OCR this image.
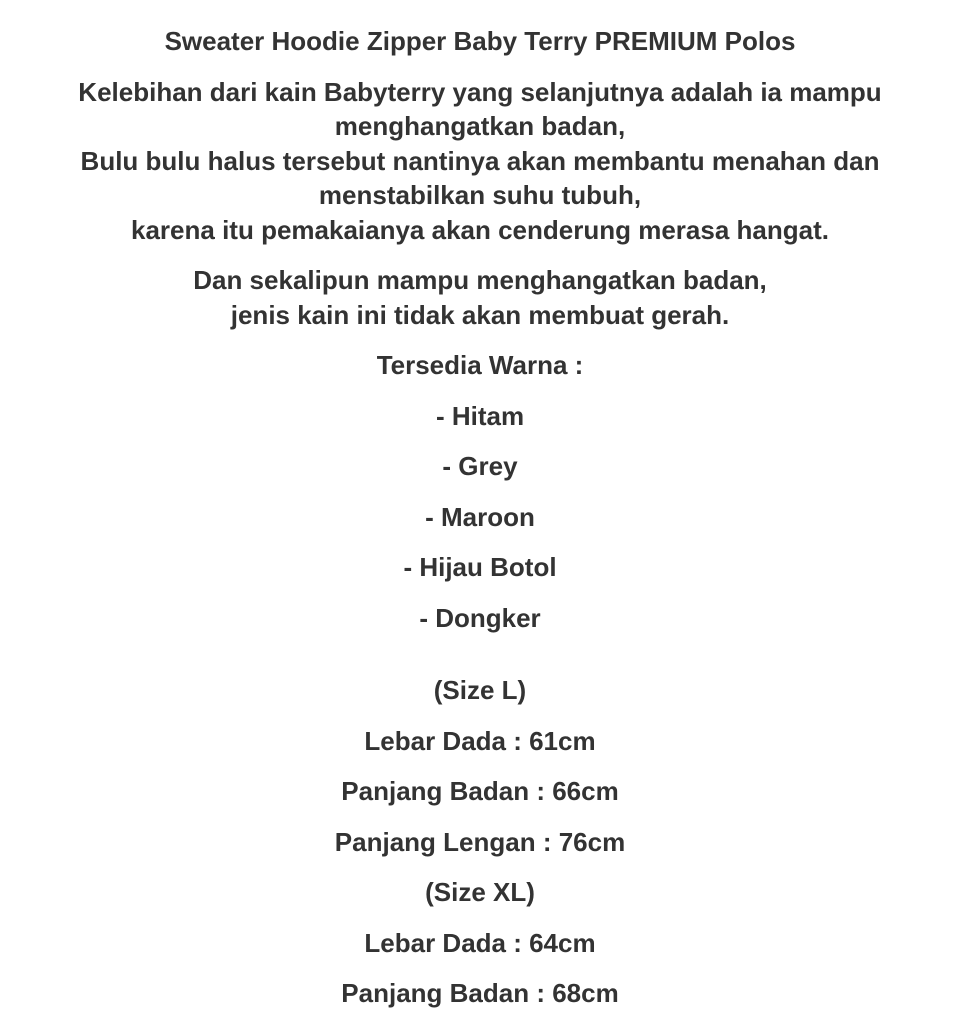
Sweater Hoodie Zipper Baby Terry PREMIUM Polos

Kelebihan dari kain Babyterry yang selanjutnya adalah ia mampu menghangatkan badan,

Bulu bulu halus tersebut nantinya akan membantu menahan dan menstabilkan suhu tubuh,

karena itu pemakaianya akan cenderung merasa hangat.

Dan sekalipun mampu menghangatkan badan,

jenis kain ini tidak akan membuat gerah.

Tersedia Warna :

- Hitam

- Grey

- Maroon

- Hijau Botol

- Dongker

(Size L)

Lebar Dada : 61cm

Panjang Badan : 66cm

Panjang Lengan : 76cm

(Size XL)

Lebar Dada : 64cm

Panjang Badan : 68cm
